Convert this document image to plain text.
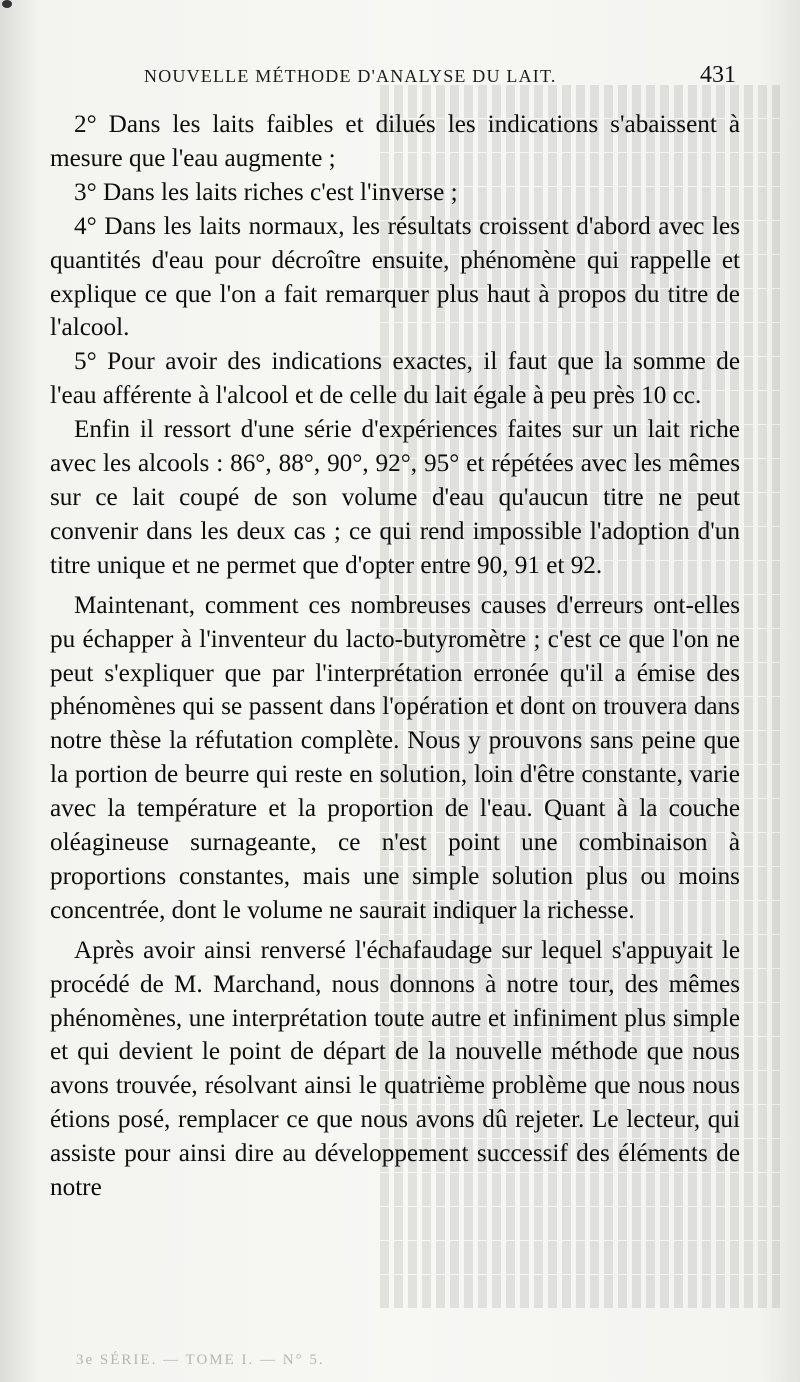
NOUVELLE MÉTHODE D'ANALYSE DU LAIT.	431

2° Dans les laits faibles et dilués les indications s'abaissent à mesure que l'eau augmente ;

3° Dans les laits riches c'est l'inverse ;

4° Dans les laits normaux, les résultats croissent d'abord avec les quantités d'eau pour décroître ensuite, phénomène qui rappelle et explique ce que l'on a fait remarquer plus haut à propos du titre de l'alcool.

5° Pour avoir des indications exactes, il faut que la somme de l'eau afférente à l'alcool et de celle du lait égale à peu près 10 cc.

Enfin il ressort d'une série d'expériences faites sur un lait riche avec les alcools : 86°, 88°, 90°, 92°, 95° et répétées avec les mêmes sur ce lait coupé de son volume d'eau qu'aucun titre ne peut convenir dans les deux cas ; ce qui rend impossible l'adoption d'un titre unique et ne permet que d'opter entre 90, 91 et 92.

Maintenant, comment ces nombreuses causes d'erreurs ont-elles pu échapper à l'inventeur du lacto-butyromètre ; c'est ce que l'on ne peut s'expliquer que par l'interprétation erronée qu'il a émise des phénomènes qui se passent dans l'opération et dont on trouvera dans notre thèse la réfutation complète. Nous y prouvons sans peine que la portion de beurre qui reste en solution, loin d'être constante, varie avec la température et la proportion de l'eau. Quant à la couche oléagineuse surnageante, ce n'est point une combinaison à proportions constantes, mais une simple solution plus ou moins concentrée, dont le volume ne saurait indiquer la richesse.

Après avoir ainsi renversé l'échafaudage sur lequel s'appuyait le procédé de M. Marchand, nous donnons à notre tour, des mêmes phénomènes, une interprétation toute autre et infiniment plus simple et qui devient le point de départ de la nouvelle méthode que nous avons trouvée, résolvant ainsi le quatrième problème que nous nous étions posé, remplacer ce que nous avons dû rejeter. Le lecteur, qui assiste pour ainsi dire au développement successif des éléments de notre

3e SÉRIE. — TOME I. — N° 5.
